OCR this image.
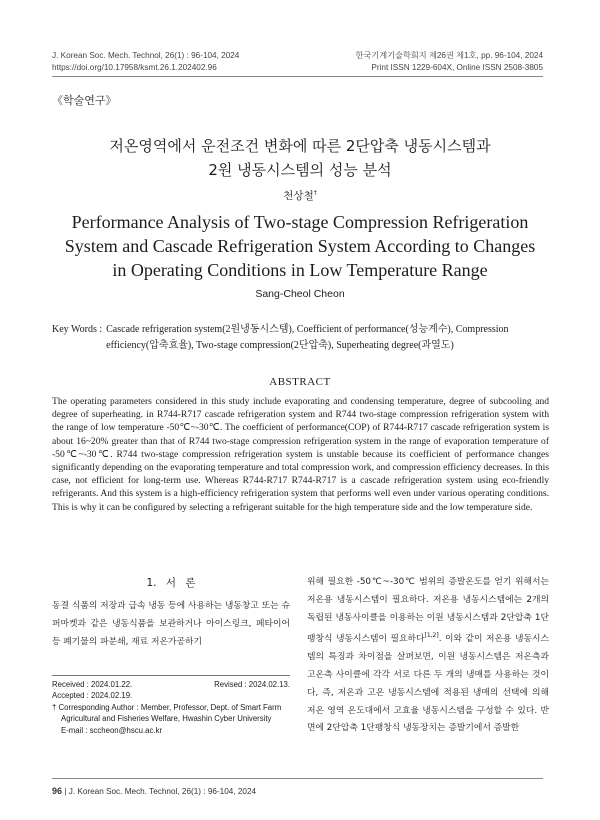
J. Korean Soc. Mech. Technol, 26(1) : 96-104, 2024
https://doi.org/10.17958/ksmt.26.1.202402.96
한국기계기술학회지 제26권 제1호, pp. 96-104, 2024
Print ISSN 1229-604X, Online ISSN 2508-3805
《학술연구》
저온영역에서 운전조건 변화에 따른 2단압축 냉동시스템과
2원 냉동시스템의 성능 분석
천상철†
Performance Analysis of Two-stage Compression Refrigeration
System and Cascade Refrigeration System According to Changes
in Operating Conditions in Low Temperature Range
Sang-Cheol Cheon
Key Words : Cascade refrigeration system(2원냉동시스템), Coefficient of performance(성능계수), Compression efficiency(압축효율), Two-stage compression(2단압축), Superheating degree(과열도)
ABSTRACT
The operating parameters considered in this study include evaporating and condensing temperature, degree of subcooling and degree of superheating. in R744-R717 cascade refrigeration system and R744 two-stage compression refrigeration system with the range of low temperature -50℃~-30℃. The coefficient of performance(COP) of R744-R717 cascade refrigeration system is about 16~20% greater than that of R744 two-stage compression refrigeration system in the range of evaporation temperature of -50℃~-30℃. R744 two-stage compression refrigeration system is unstable because its coefficient of performance changes significantly depending on the evaporating temperature and total compression work, and compression efficiency decreases. In this case, not efficient for long-term use. Whereas R744-R717 R744-R717 is a cascade refrigeration system using eco-friendly refrigerants. And this system is a high-efficiency refrigeration system that performs well even under various operating conditions. This is why it can be configured by selecting a refrigerant suitable for the high temperature side and the low temperature side.
1. 서 론
동결 식품의 저장과 급속 냉동 등에 사용하는 냉동창고 또는 슈퍼마켓과 같은 냉동식품을 보관하거나 아이스링크, 페타이어 등 폐기물의 파분쇄, 재료 저온가공하기
Received : 2024.01.22.	Revised : 2024.02.13.
Accepted : 2024.02.19.
† Corresponding Author : Member, Professor, Dept. of Smart Farm
Agricultural and Fisheries Welfare, Hwashin Cyber University
E-mail : sccheon@hscu.ac.kr
위해 필요한 -50℃~-30℃ 범위의 증발온도를 얻기 위해서는 저온용 냉동시스템이 필요하다. 저온용 냉동시스템에는 2개의 독립된 냉동사이클을 이용하는 이원 냉동시스템과 2단압축 1단팽창식 냉동시스템이 필요하다[1,2]. 이와 같이 저온용 냉동시스템의 특징과 차이점을 살펴보면, 이원 냉동시스템은 저온측과 고온측 사이클에 각각 서로 다른 두 개의 냉매를 사용하는 것이다, 즉, 저온과 고온 냉동시스템에 적용된 냉매의 선택에 의해 저온 영역 온도대에서 고효율 냉동시스템을 구성할 수 있다. 반면에 2단압축 1단팽창식 냉동장치는 증발기에서 증발한
96 | J. Korean Soc. Mech. Technol, 26(1) : 96-104, 2024
